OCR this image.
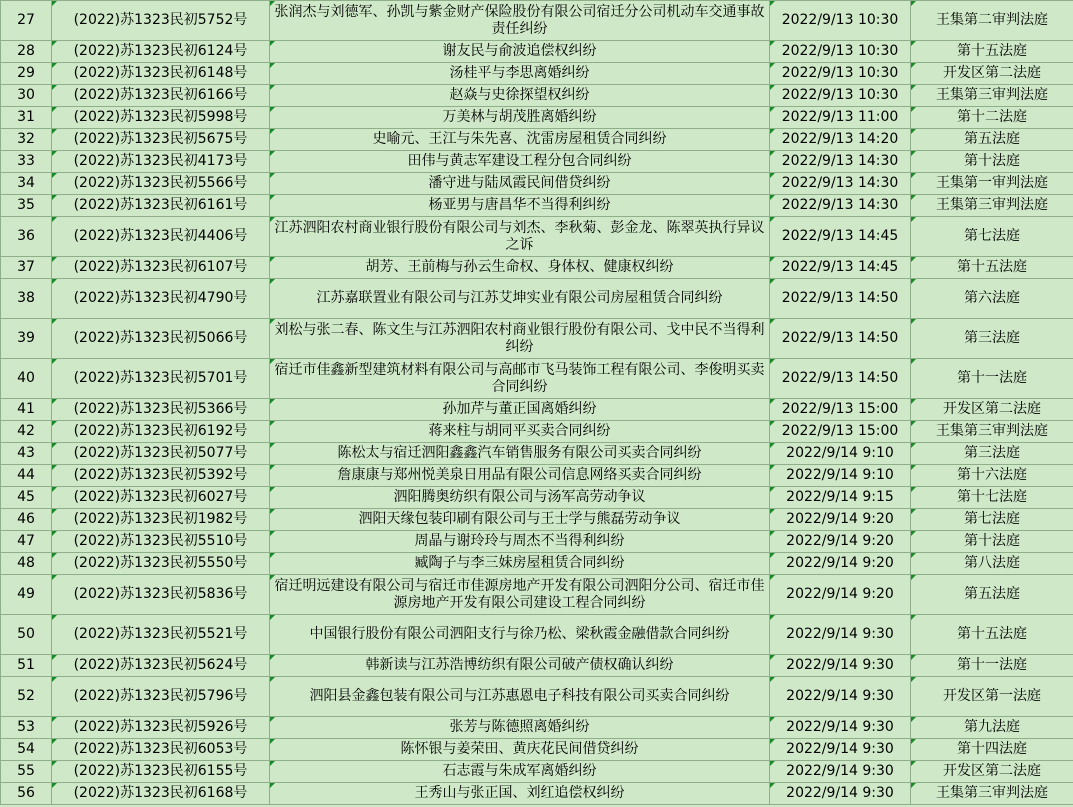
27	(2022)苏1323民初5752号	张润杰与刘德军、孙凯与紫金财产保险股份有限公司宿迁分公司机动车交通事故责任纠纷	2022/9/13 10:30	王集第二审判法庭
28	(2022)苏1323民初6124号	谢友民与俞波追偿权纠纷	2022/9/13 10:30	第十五法庭
29	(2022)苏1323民初6148号	汤桂平与李思离婚纠纷	2022/9/13 10:30	开发区第二法庭
30	(2022)苏1323民初6166号	赵焱与史徐探望权纠纷	2022/9/13 10:30	王集第三审判法庭
31	(2022)苏1323民初5998号	万美林与胡茂胜离婚纠纷	2022/9/13 11:00	第十二法庭
32	(2022)苏1323民初5675号	史喻元、王江与朱先喜、沈雷房屋租赁合同纠纷	2022/9/13 14:20	第五法庭
33	(2022)苏1323民初4173号	田伟与黄志军建设工程分包合同纠纷	2022/9/13 14:30	第十法庭
34	(2022)苏1323民初5566号	潘守进与陆凤霞民间借贷纠纷	2022/9/13 14:30	王集第一审判法庭
35	(2022)苏1323民初6161号	杨亚男与唐昌华不当得利纠纷	2022/9/13 14:30	王集第三审判法庭
36	(2022)苏1323民初4406号	江苏泗阳农村商业银行股份有限公司与刘杰、李秋菊、彭金龙、陈翠英执行异议之诉	2022/9/13 14:45	第七法庭
37	(2022)苏1323民初6107号	胡芳、王前梅与孙云生命权、身体权、健康权纠纷	2022/9/13 14:45	第十五法庭
38	(2022)苏1323民初4790号	江苏嘉联置业有限公司与江苏艾坤实业有限公司房屋租赁合同纠纷	2022/9/13 14:50	第六法庭
39	(2022)苏1323民初5066号	刘松与张二春、陈文生与江苏泗阳农村商业银行股份有限公司、戈中民不当得利纠纷	2022/9/13 14:50	第三法庭
40	(2022)苏1323民初5701号	宿迁市佳鑫新型建筑材料有限公司与高邮市飞马装饰工程有限公司、李俊明买卖合同纠纷	2022/9/13 14:50	第十一法庭
41	(2022)苏1323民初5366号	孙加芹与董正国离婚纠纷	2022/9/13 15:00	开发区第二法庭
42	(2022)苏1323民初6192号	蒋来柱与胡同平买卖合同纠纷	2022/9/13 15:00	王集第三审判法庭
43	(2022)苏1323民初5077号	陈松太与宿迁泗阳鑫鑫汽车销售服务有限公司买卖合同纠纷	2022/9/14 9:10	第三法庭
44	(2022)苏1323民初5392号	詹康康与郑州悦美泉日用品有限公司信息网络买卖合同纠纷	2022/9/14 9:10	第十六法庭
45	(2022)苏1323民初6027号	泗阳腾奥纺织有限公司与汤军高劳动争议	2022/9/14 9:15	第十七法庭
46	(2022)苏1323民初1982号	泗阳天缘包装印刷有限公司与王士学与熊磊劳动争议	2022/9/14 9:20	第七法庭
47	(2022)苏1323民初5510号	周晶与谢玲玲与周杰不当得利纠纷	2022/9/14 9:20	第十法庭
48	(2022)苏1323民初5550号	臧陶子与李三妹房屋租赁合同纠纷	2022/9/14 9:20	第八法庭
49	(2022)苏1323民初5836号	宿迁明远建设有限公司与宿迁市佳源房地产开发有限公司泗阳分公司、宿迁市佳源房地产开发有限公司建设工程合同纠纷	2022/9/14 9:20	第五法庭
50	(2022)苏1323民初5521号	中国银行股份有限公司泗阳支行与徐乃松、梁秋霞金融借款合同纠纷	2022/9/14 9:30	第十五法庭
51	(2022)苏1323民初5624号	韩新读与江苏浩博纺织有限公司破产债权确认纠纷	2022/9/14 9:30	第十一法庭
52	(2022)苏1323民初5796号	泗阳县金鑫包装有限公司与江苏惠恩电子科技有限公司买卖合同纠纷	2022/9/14 9:30	开发区第一法庭
53	(2022)苏1323民初5926号	张芳与陈德照离婚纠纷	2022/9/14 9:30	第九法庭
54	(2022)苏1323民初6053号	陈怀银与姜荣田、黄庆花民间借贷纠纷	2022/9/14 9:30	第十四法庭
55	(2022)苏1323民初6155号	石志霞与朱成军离婚纠纷	2022/9/14 9:30	开发区第二法庭
56	(2022)苏1323民初6168号	王秀山与张正国、刘红追偿权纠纷	2022/9/14 9:30	王集第三审判法庭
